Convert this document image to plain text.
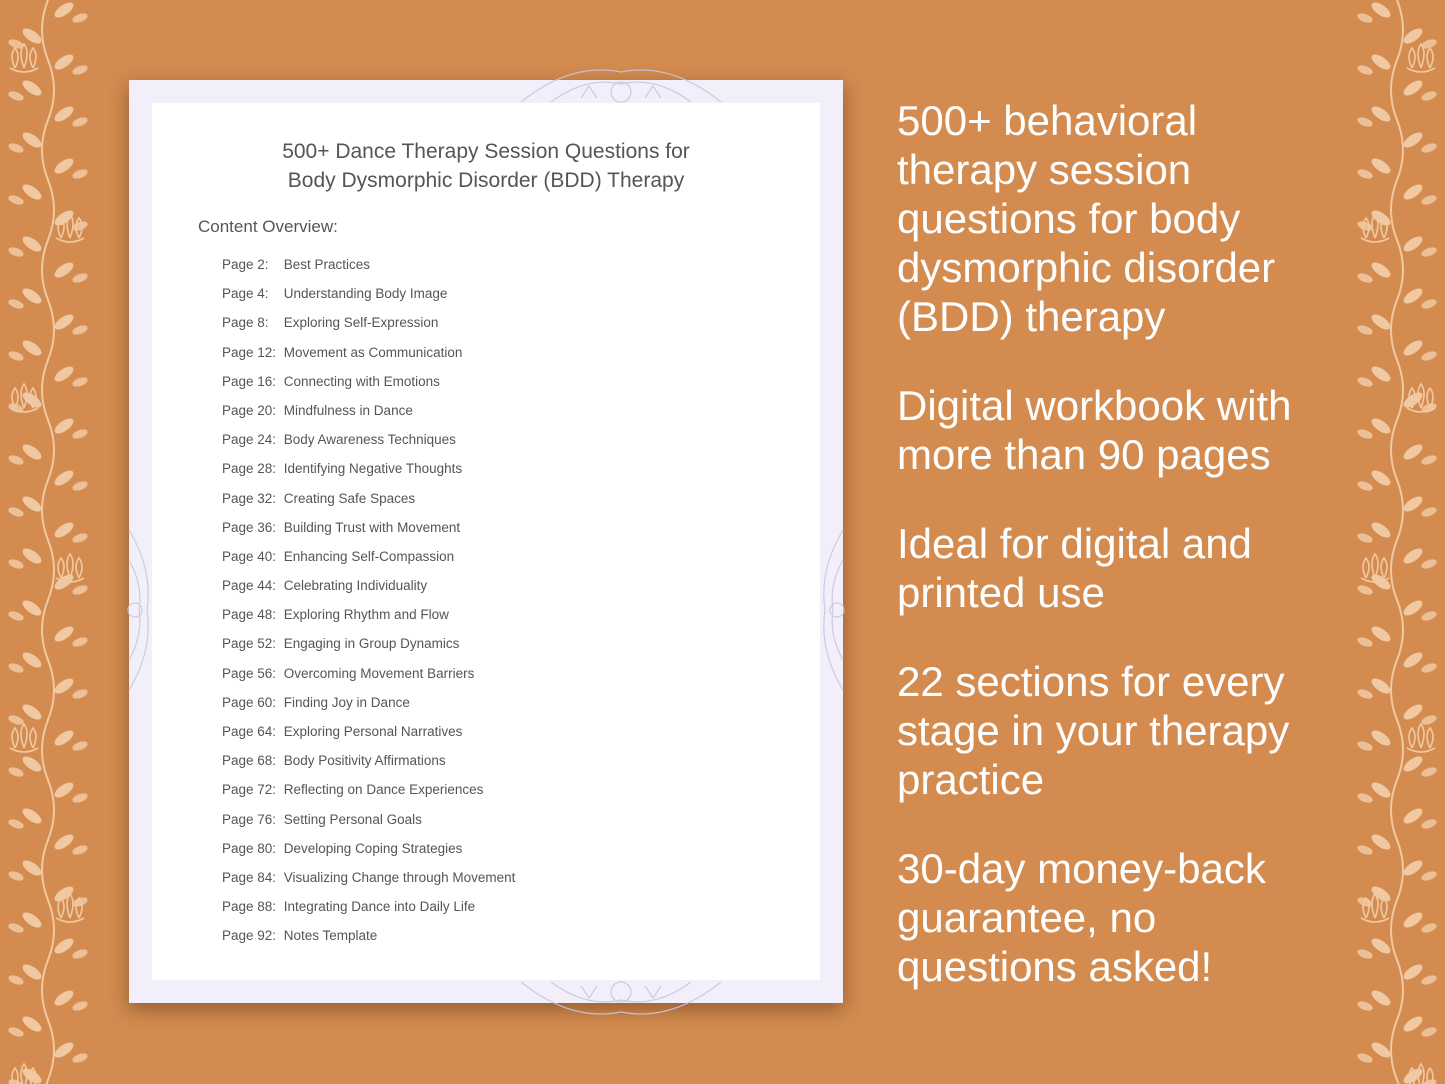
500+ Dance Therapy Session Questions for
Body Dysmorphic Disorder (BDD) Therapy
Content Overview:
Page 2: Best Practices
Page 4: Understanding Body Image
Page 8: Exploring Self-Expression
Page 12: Movement as Communication
Page 16: Connecting with Emotions
Page 20: Mindfulness in Dance
Page 24: Body Awareness Techniques
Page 28: Identifying Negative Thoughts
Page 32: Creating Safe Spaces
Page 36: Building Trust with Movement
Page 40: Enhancing Self-Compassion
Page 44: Celebrating Individuality
Page 48: Exploring Rhythm and Flow
Page 52: Engaging in Group Dynamics
Page 56: Overcoming Movement Barriers
Page 60: Finding Joy in Dance
Page 64: Exploring Personal Narratives
Page 68: Body Positivity Affirmations
Page 72: Reflecting on Dance Experiences
Page 76: Setting Personal Goals
Page 80: Developing Coping Strategies
Page 84: Visualizing Change through Movement
Page 88: Integrating Dance into Daily Life
Page 92: Notes Template

500+ behavioral therapy session questions for body dysmorphic disorder (BDD) therapy

Digital workbook with more than 90 pages

Ideal for digital and printed use

22 sections for every stage in your therapy practice

30-day money-back guarantee, no questions asked!
